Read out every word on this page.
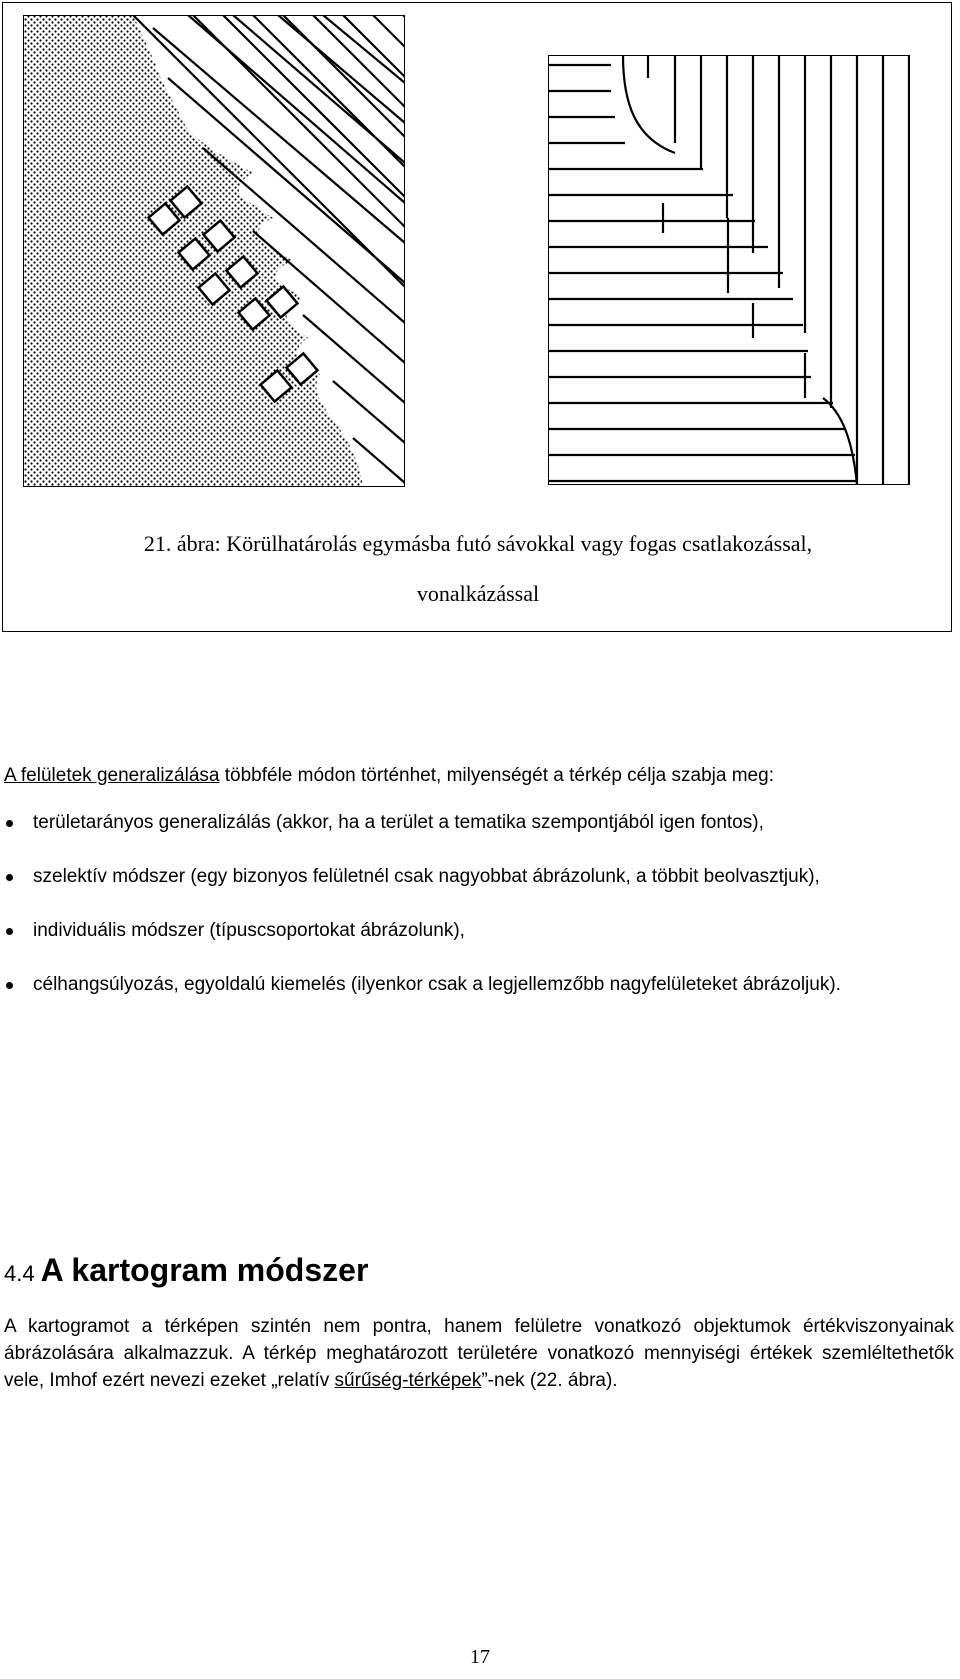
21. ábra: Körülhatárolás egymásba futó sávokkal vagy fogas csatlakozással,
vonalkázással
A felületek generalizálása többféle módon történhet, milyenségét a térkép célja szabja meg:
területarányos generalizálás (akkor, ha a terület a tematika szempontjából igen fontos),
szelektív módszer (egy bizonyos felületnél csak nagyobbat ábrázolunk, a többit beolvasztjuk),
individuális módszer (típuscsoportokat ábrázolunk),
célhangsúlyozás, egyoldalú kiemelés (ilyenkor csak a legjellemzőbb nagyfelületeket ábrázoljuk).
4.4 A kartogram módszer
A kartogramot a térképen szintén nem pontra, hanem felületre vonatkozó objektumok értékviszonyainak ábrázolására alkalmazzuk. A térkép meghatározott területére vonatkozó mennyiségi értékek szemléltethetők vele, Imhof ezért nevezi ezeket „relatív sűrűség-térképek”-nek (22. ábra).
17
